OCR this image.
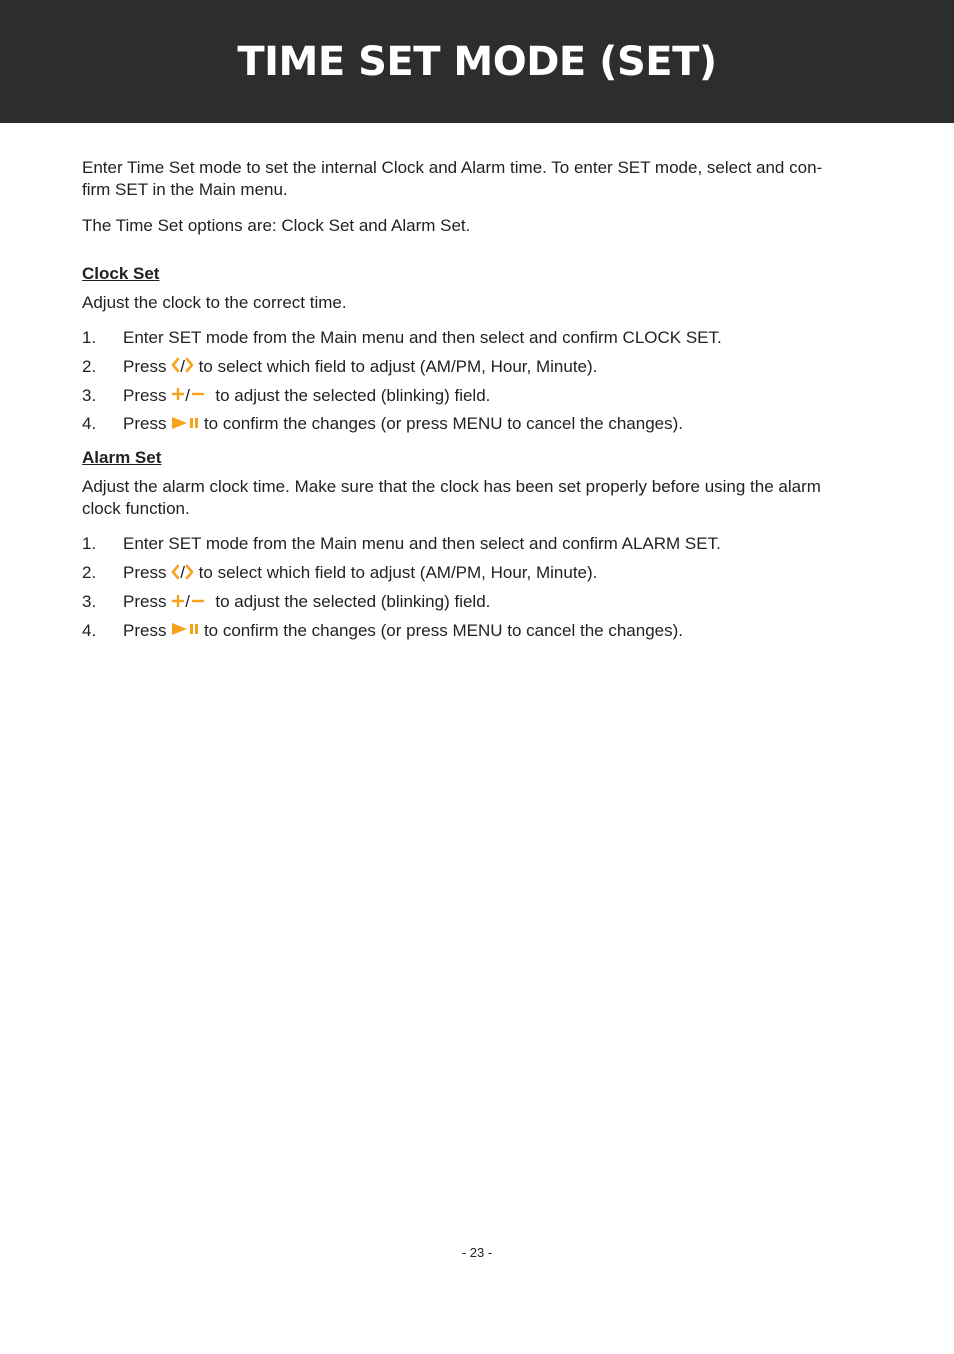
TIME SET MODE (SET)

Enter Time Set mode to set the internal Clock and Alarm time. To enter SET mode, select and con-
firm SET in the Main menu.

The Time Set options are: Clock Set and Alarm Set.

Clock Set

Adjust the clock to the correct time.

1. Enter SET mode from the Main menu and then select and confirm CLOCK SET.
2. Press / to select which field to adjust (AM/PM, Hour, Minute).
3. Press / to adjust the selected (blinking) field.
4. Press to confirm the changes (or press MENU to cancel the changes).
Alarm Set

Adjust the alarm clock time. Make sure that the clock has been set properly before using the alarm
clock function.

1. Enter SET mode from the Main menu and then select and confirm ALARM SET.
2. Press / to select which field to adjust (AM/PM, Hour, Minute).
3. Press / to adjust the selected (blinking) field.
4. Press to confirm the changes (or press MENU to cancel the changes).
- 23 -
